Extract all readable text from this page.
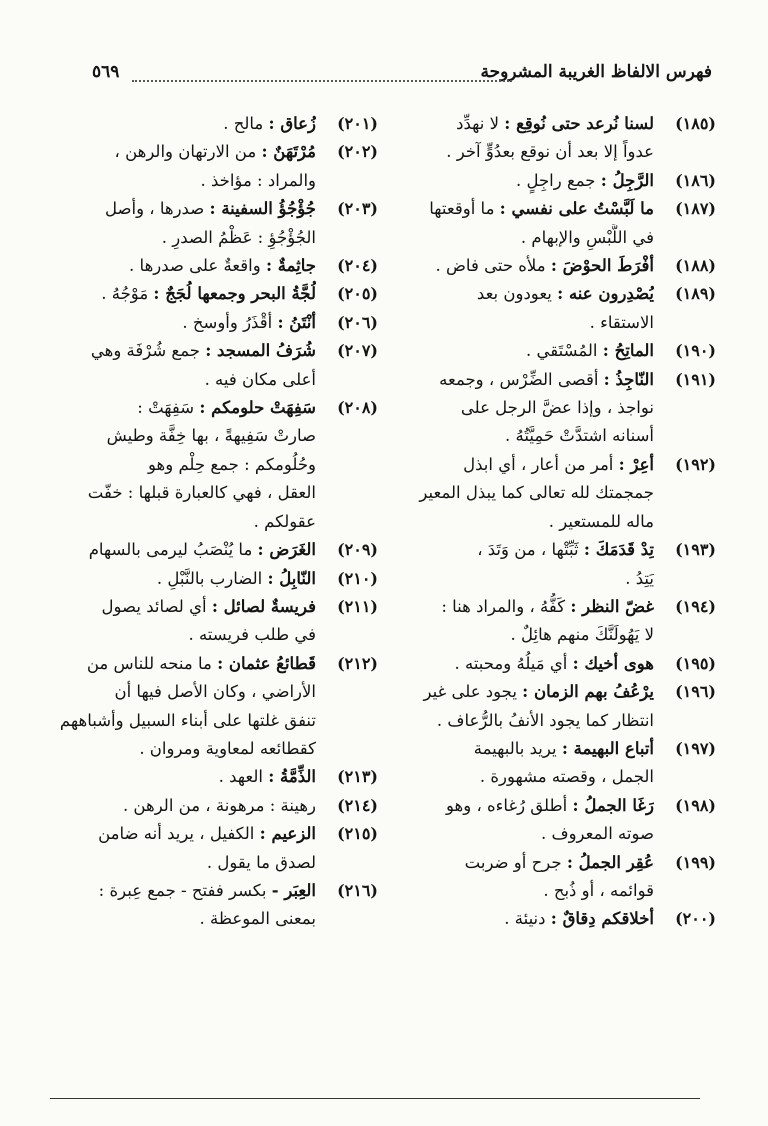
فهرس الالفاظ الغريبة المشروحة
٥٦٩
(١٨٥)
لسنا نُرعد حتى نُوقِع : لا نهدِّد
عدواً إلا بعد أن نوقع بعدُوٍّ آخر .
(١٨٦)
الرَّجِلُ : جمع راجِلٍ .
(١٨٧)
ما لَبَّسْتُ على نفسي : ما أوقعتها
في اللَّبْسِ والإبهام .
(١٨٨)
أفْرَطَ الحوْضَ : ملأه حتى فاض .
(١٨٩)
يُصْدِرون عنه : يعودون بعد
الاستقاء .
(١٩٠)
الماتِحُ : المُسْتَقي .
(١٩١)
النّاجِذُ : أقصى الضِّرْس ، وجمعه
نواجذ ، وإذا عضَّ الرجل على
أسنانه اشتدَّتْ حَمِيَّتُهُ .
(١٩٢)
أعِرْ : أمر من أعار ، أي ابذل
جمجمتك لله تعالى كما يبذل المعير
ماله للمستعير .
(١٩٣)
تِدْ قَدَمَكَ : ثَبِّتْها ، من وَتَدَ ،
يَتِدُ .
(١٩٤)
غضّ النظر : كَفُّهُ ، والمراد هنا :
لا يَهُولَنَّكَ منهم هائِلٌ .
(١٩٥)
هوى أخيك : أي مَيلُهُ ومحبته .
(١٩٦)
يرْعُفُ بهم الزمان : يجود على غير
انتظار كما يجود الأنفُ بالرُّعاف .
(١٩٧)
أتباع البهيمة : يريد بالبهيمة
الجمل ، وقصته مشهورة .
(١٩٨)
رَغَا الجملُ : أطلق رُغاءه ، وهو
صوته المعروف .
(١٩٩)
عُقِر الجملُ : جرح أو ضربت
قوائمه ، أو ذُبح .
(٢٠٠)
أخلاقكم دِقاقٌ : دنيئة .
(٢٠١)
زُعاق : مالح .
(٢٠٢)
مُرْتَهَنٌ : من الارتهان والرهن ،
والمراد : مؤاخذ .
(٢٠٣)
جُؤْجُؤُ السفينة : صدرها ، وأصل
الجُؤْجُؤِ : عَظْمُ الصدرِ .
(٢٠٤)
جاثِمةٌ : واقعةٌ على صدرها .
(٢٠٥)
لُجَّةُ البحر وجمعها لُجَجٌ : مَوْجُهُ .
(٢٠٦)
أنْتَنُ : أقْذَرُ وأوسخ .
(٢٠٧)
شُرَفُ المسجد : جمع شُرْفَة وهي
أعلى مكان فيه .
(٢٠٨)
سَفِهَتْ حلومكم : سَفِهَتْ :
صارتْ سَفِيهةً ، بها خِفَّة وطيش
وحُلُومكم : جمع حِلْم وهو
العقل ، فهي كالعبارة قبلها : خفّت
عقولكم .
(٢٠٩)
الغَرَض : ما يُنْصَبُ ليرمى بالسهام
(٢١٠)
النّابِلُ : الضارب بالنَّبْلِ .
(٢١١)
فريسةٌ لصائل : أي لصائد يصول
في طلب فريسته .
(٢١٢)
قَطائعُ عثمان : ما منحه للناس من
الأراضي ، وكان الأصل فيها أن
تنفق غلتها على أبناء السبيل وأشباههم
كقطائعه لمعاوية ومروان .
(٢١٣)
الذِّمَّةُ : العهد .
(٢١٤)
رهينة : مرهونة ، من الرهن .
(٢١٥)
الزعيم : الكفيل ، يريد أنه ضامن
لصدق ما يقول .
(٢١٦)
العِبَر - بكسر ففتح - جمع عِبرة :
بمعنى الموعظة .
